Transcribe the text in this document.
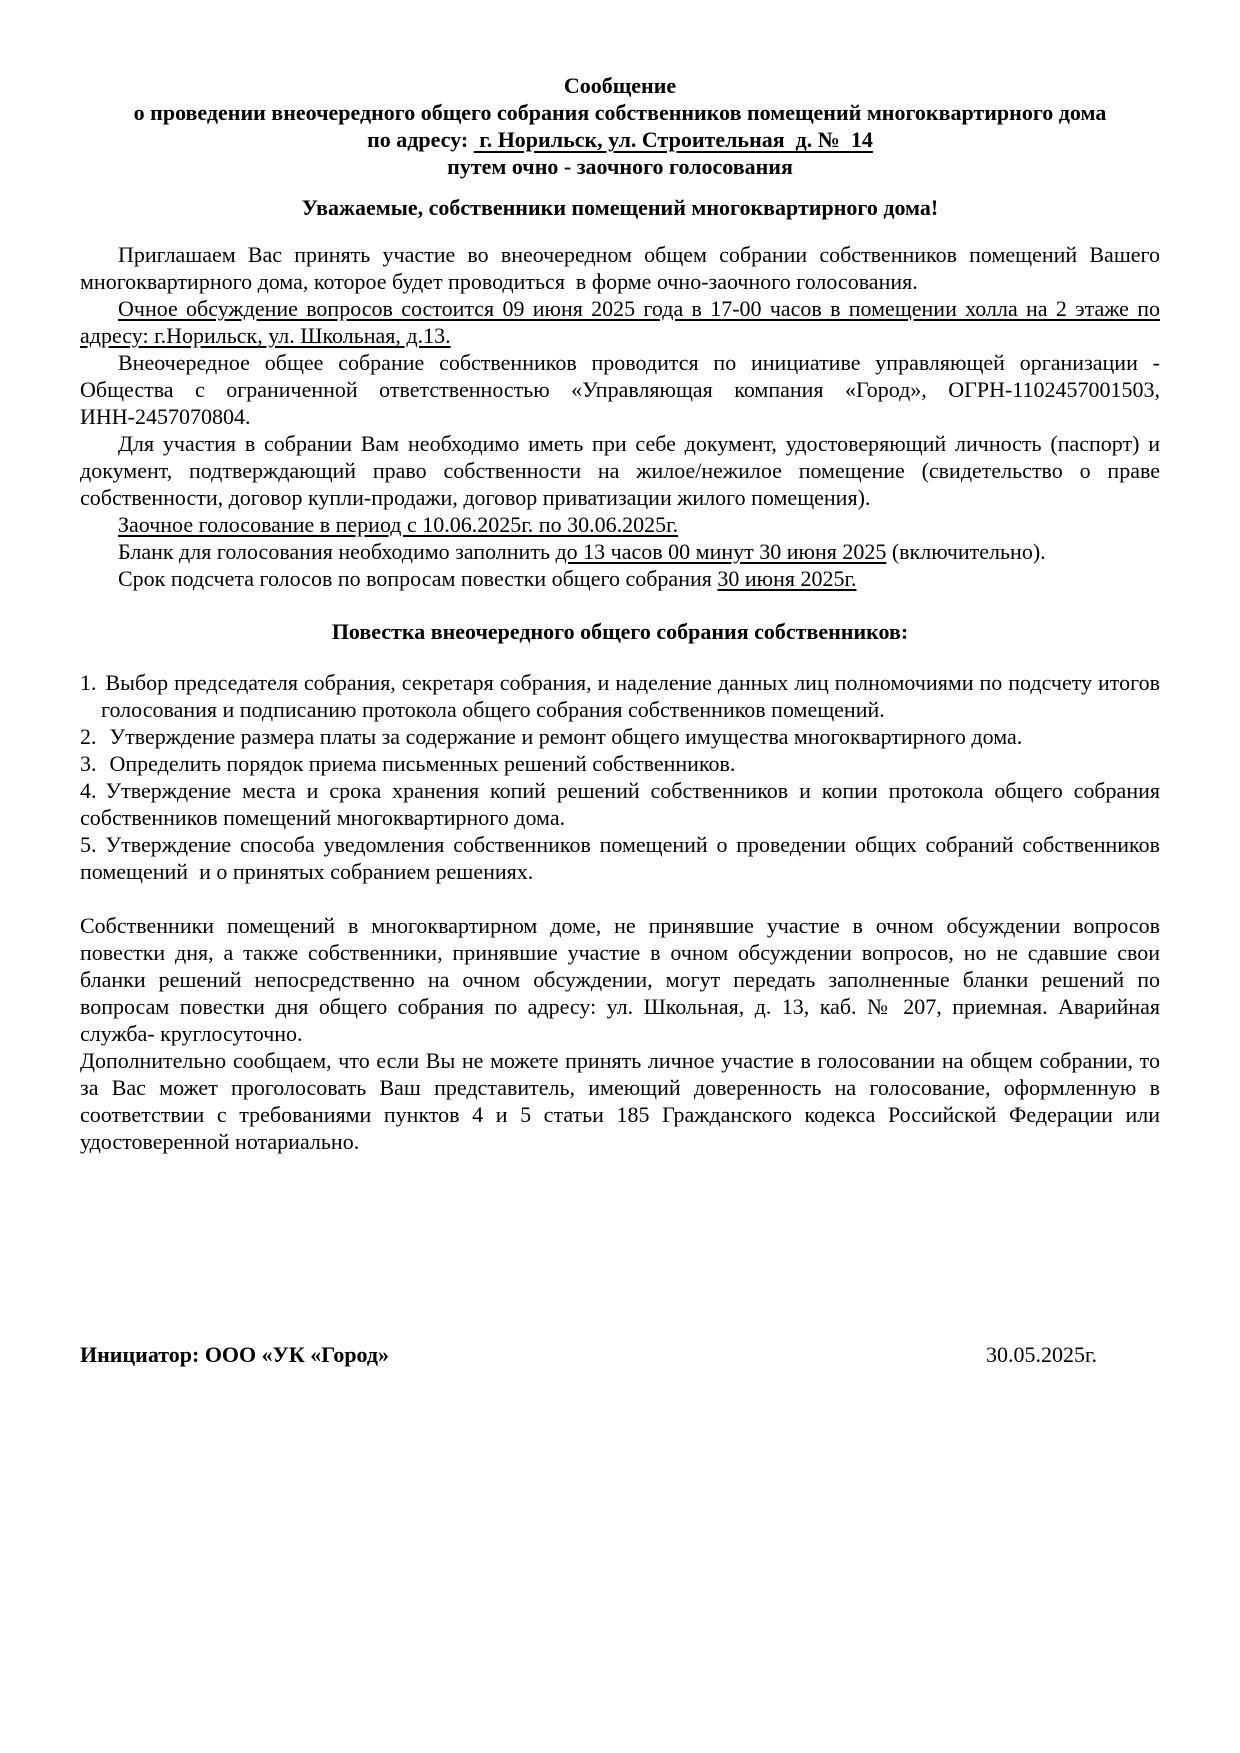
Сообщение
о проведении внеочередного общего собрания собственников помещений многоквартирного дома
по адресу:  г. Норильск, ул. Строительная  д. №  14
путем очно - заочного голосования
Уважаемые, собственники помещений многоквартирного дома!
Приглашаем Вас принять участие во внеочередном общем собрании собственников помещений Вашего многоквартирного дома, которое будет проводиться  в форме очно-заочного голосования.
Очное обсуждение вопросов состоится 09 июня 2025 года в 17-00 часов в помещении холла на 2 этаже по адресу: г.Норильск, ул. Школьная, д.13.
Внеочередное общее собрание собственников проводится по инициативе управляющей организации - Общества с ограниченной ответственностью «Управляющая компания «Город», ОГРН-1102457001503, ИНН-2457070804.
Для участия в собрании Вам необходимо иметь при себе документ, удостоверяющий личность (паспорт) и документ, подтверждающий право собственности на жилое/нежилое помещение (свидетельство о праве собственности, договор купли-продажи, договор приватизации жилого помещения).
Заочное голосование в период с 10.06.2025г. по 30.06.2025г.
Бланк для голосования необходимо заполнить до 13 часов 00 минут 30 июня 2025 (включительно).
Срок подсчета голосов по вопросам повестки общего собрания 30 июня 2025г.
Повестка внеочередного общего собрания собственников:
1. Выбор председателя собрания, секретаря собрания, и наделение данных лиц полномочиями по подсчету итогов голосования и подписанию протокола общего собрания собственников помещений.
2. Утверждение размера платы за содержание и ремонт общего имущества многоквартирного дома.
3. Определить порядок приема письменных решений собственников.
4. Утверждение места и срока хранения копий решений собственников и копии протокола общего собрания собственников помещений многоквартирного дома.
5. Утверждение способа уведомления собственников помещений о проведении общих собраний собственников помещений  и о принятых собранием решениях.
Собственники помещений в многоквартирном доме, не принявшие участие в очном обсуждении вопросов повестки дня, а также собственники, принявшие участие в очном обсуждении вопросов, но не сдавшие свои бланки решений непосредственно на очном обсуждении, могут передать заполненные бланки решений по вопросам повестки дня общего собрания по адресу: ул. Школьная, д. 13, каб. № 207, приемная. Аварийная служба- круглосуточно.
Дополнительно сообщаем, что если Вы не можете принять личное участие в голосовании на общем собрании, то за Вас может проголосовать Ваш представитель, имеющий доверенность на голосование, оформленную в соответствии с требованиями пунктов 4 и 5 статьи 185 Гражданского кодекса Российской Федерации или удостоверенной нотариально.
Инициатор: ООО «УК «Город»	30.05.2025г.
